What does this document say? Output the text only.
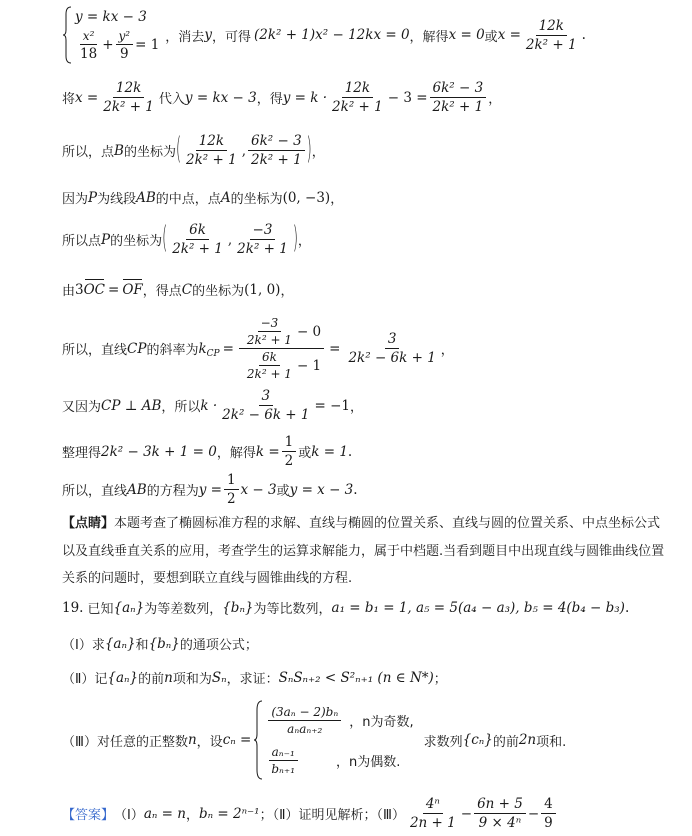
y = kx − 3
$\frac{\text{x²}}{18} + \frac{\text{y²}}{9} = 1$ ，消去 y ，可得 (2k² + 1)x² − 12kx = 0 ，解得 x = 0 或 $x = \frac{12k}{\text{2k² + 1}}$ .
将 $x = \frac{12k}{\text{2k² + 1}}$ 代入 y = kx − 3 ，得 $y = k \cdot \frac{12k}{\text{2k² + 1}} - 3 = \frac{\text{6k² − 3}}{\text{2k² + 1}}$ ，
所以，点 B 的坐标为 ( $\frac{12k}{\text{2k² + 1}}$ , $\frac{\text{6k² − 3}}{\text{2k² + 1}}$ ) ，
因为 P 为线段 AB 的中点，点 A 的坐标为 (0, −3) ，
所以点 P 的坐标为 ( $\frac{6k}{\text{2k² + 1}}$ , $\frac{-3}{\text{2k² + 1}}$ ) ，
由 3 OC = OF ，得点 C 的坐标为 (1, 0) ，
所以，直线 CP 的斜率为 k CP = $\frac{\frac{-3}{\text{2k² + 1}} - 0}{\frac{6k}{\text{2k² + 1}} - 1} = \frac{3}{\text{2k² − 6k + 1}}$ ，
又因为 CP ⊥ AB ，所以 $k \cdot \frac{3}{\text{2k² − 6k + 1}} = -1$ ，
整理得 2k² − 3k + 1 = 0 ，解得 $k = \frac{1}{2}$ 或 k = 1 .
所以，直线 AB 的方程为 $y = \frac{1}{2}$ x − 3 或 y = x − 3 .
【点睛】 本题考查了椭圆标准方程的求解、直线与椭圆的位置关系、直线与圆的位置关系、中点坐标公式
以及直线垂直关系的应用，考查学生的运算求解能力，属于中档题.当看到题目中出现直线与圆锥曲线位置
关系的问题时，要想到联立直线与圆锥曲线的方程.
19. 已知 {aₙ} 为等差数列， {bₙ} 为等比数列， a₁ = b₁ = 1, a₅ = 5(a₄ − a₃), b₅ = 4(b₄ − b₃) .
（Ⅰ）求 {aₙ} 和 {bₙ} 的通项公式；
（Ⅱ）记 {aₙ} 的前 n 项和为 Sₙ ，求证： SₙSₙ₊₂ < S²ₙ₊₁ (n ∈ N*) ；
（Ⅲ）对任意的正整数 n ，设 cₙ =
$\frac{\text{(3aₙ − 2)bₙ}}{\text{aₙaₙ₊₂}}$ ，n为奇数,
$\frac{\text{aₙ₋₁}}{\text{bₙ₊₁}}$	，n为偶数.
求数列 {cₙ} 的前 2n 项和.
【答案】 （Ⅰ） aₙ = n ， bₙ = 2ⁿ⁻¹ ；（Ⅱ）证明见解析；（Ⅲ） $\frac{\text{4ⁿ}}{2n + 1} - \frac{6n + 5}{\text{9 × 4ⁿ}} - \frac{4}{9}$
